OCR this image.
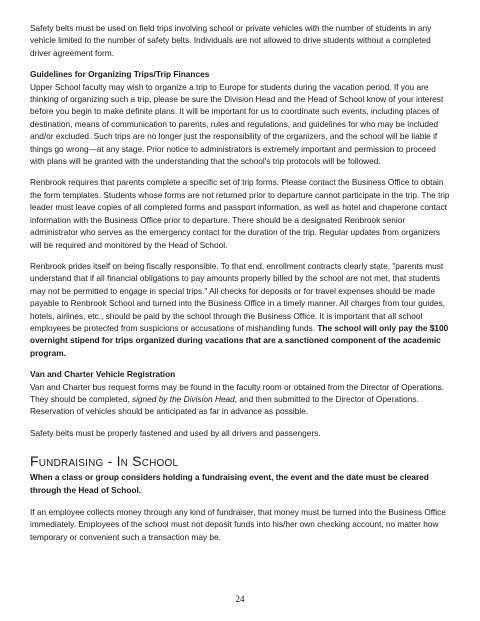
Safety belts must be used on field trips involving school or private vehicles with the number of students in any vehicle limited to the number of safety belts. Individuals are not allowed to drive students without a completed driver agreement form.

Guidelines for Organizing Trips/Trip Finances
Upper School faculty may wish to organize a trip to Europe for students during the vacation period. If you are thinking of organizing such a trip, please be sure the Division Head and the Head of School know of your interest before you begin to make definite plans. It will be important for us to coordinate such events, including places of destination, means of communication to parents, rules and regulations, and guidelines for who may be included and/or excluded. Such trips are no longer just the responsibility of the organizers, and the school will be liable if things go wrong—at any stage. Prior notice to administrators is extremely important and permission to proceed with plans will be granted with the understanding that the school's trip protocols will be followed.

Renbrook requires that parents complete a specific set of trip forms. Please contact the Business Office to obtain the form templates. Students whose forms are not returned prior to departure cannot participate in the trip. The trip leader must leave copies of all completed forms and passport information, as well as hotel and chaperone contact information with the Business Office prior to departure. There should be a designated Renbrook senior administrator who serves as the emergency contact for the duration of the trip. Regular updates from organizers will be required and monitored by the Head of School.

Renbrook prides itself on being fiscally responsible. To that end, enrollment contracts clearly state, "parents must understand that if all financial obligations to pay amounts properly billed by the school are not met, that students may not be permitted to engage in special trips." All checks for deposits or for travel expenses should be made payable to Renbrook School and turned into the Business Office in a timely manner. All charges from tour guides, hotels, airlines, etc., should be paid by the school through the Business Office. It is important that all school employees be protected from suspicions or accusations of mishandling funds. The school will only pay the $100 overnight stipend for trips organized during vacations that are a sanctioned component of the academic program.

Van and Charter Vehicle Registration
Van and Charter bus request forms may be found in the faculty room or obtained from the Director of Operations. They should be completed, signed by the Division Head, and then submitted to the Director of Operations. Reservation of vehicles should be anticipated as far in advance as possible.

Safety belts must be properly fastened and used by all drivers and passengers.

Fundraising - In School

When a class or group considers holding a fundraising event, the event and the date must be cleared through the Head of School.

If an employee collects money through any kind of fundraiser, that money must be turned into the Business Office immediately. Employees of the school must not deposit funds into his/her own checking account, no matter how temporary or convenient such a transaction may be.

24
